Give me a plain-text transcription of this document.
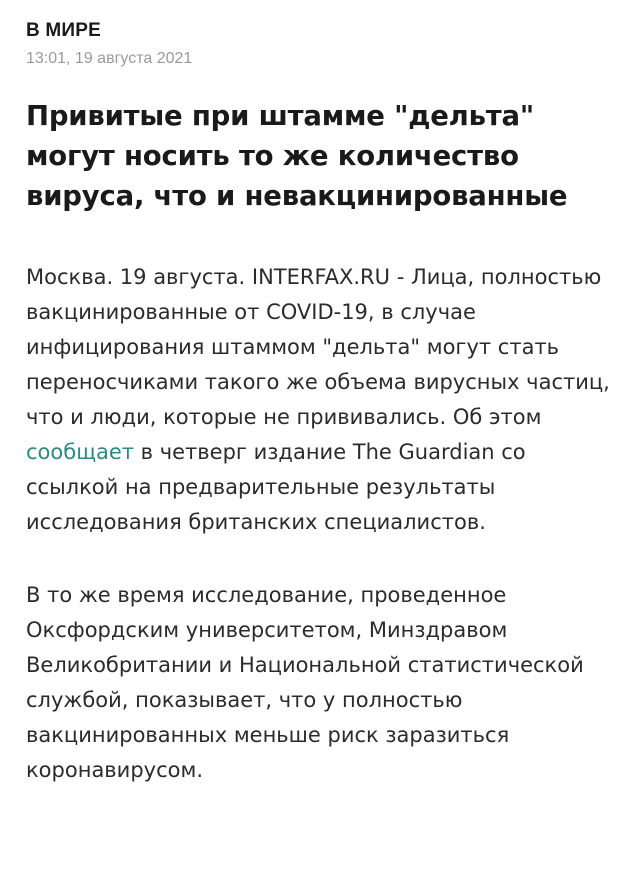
В МИРЕ
13:01, 19 августа 2021
Привитые при штамме "дельта" могут носить то же количество вируса, что и невакцинированные

Москва. 19 августа. INTERFAX.RU - Лица, полностью вакцинированные от COVID-19, в случае инфицирования штаммом "дельта" могут стать переносчиками такого же объема вирусных частиц, что и люди, которые не прививались. Об этом сообщает в четверг издание The Guardian со ссылкой на предварительные результаты исследования британских специалистов.

В то же время исследование, проведенное Оксфордским университетом, Минздравом Великобритании и Национальной статистической службой, показывает, что у полностью вакцинированных меньше риск заразиться коронавирусом.
